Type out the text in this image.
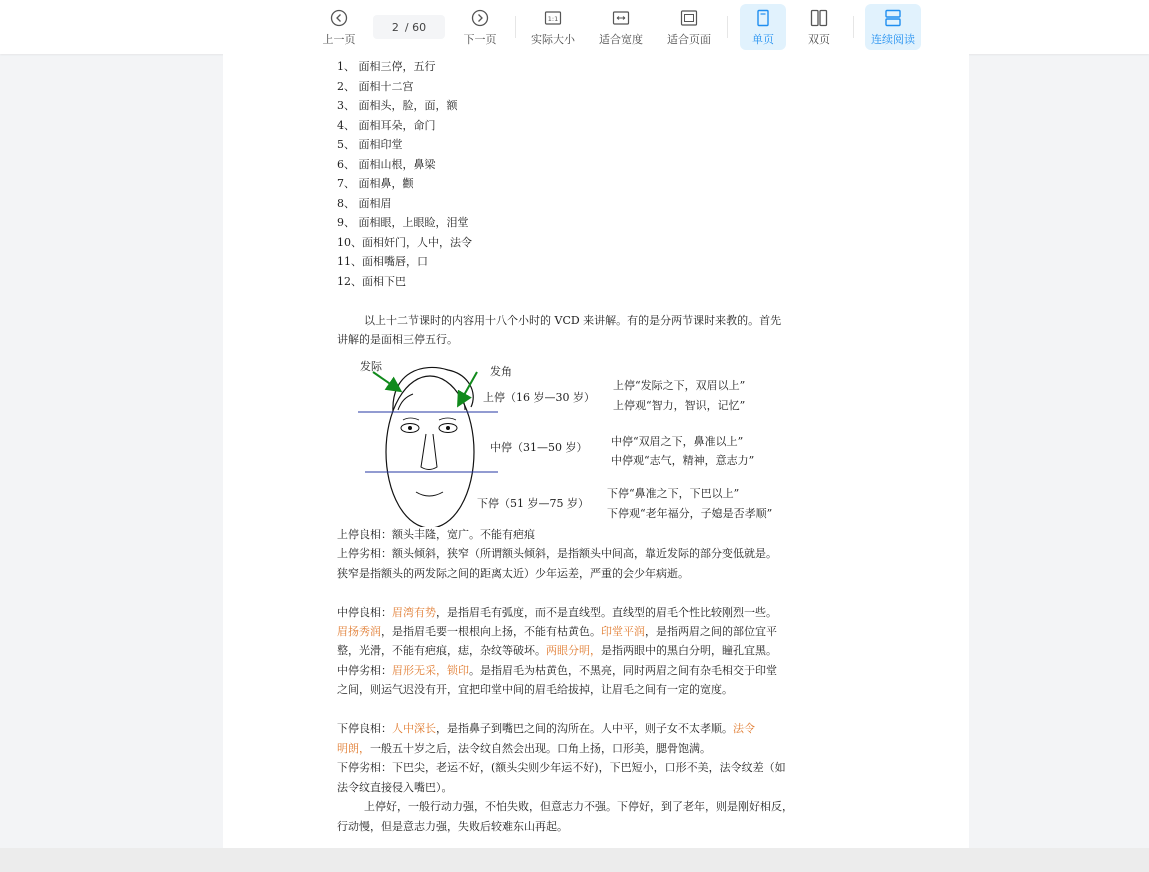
上一页
2 / 60
下一页
1:1
实际大小 适合宽度 适合页面	单页	双页	连续阅读
1、 面相三停，五行
2、 面相十二宫
3、 面相头，脸，面，额
4、 面相耳朵，命门
5、 面相印堂
6、 面相山根，鼻梁
7、 面相鼻，颧
8、 面相眉
9、 面相眼，上眼睑，泪堂
10、面相奸门，人中，法令
11、面相嘴唇，口
12、面相下巴
以上十二节课时的内容用十八个小时的 VCD 来讲解。有的是分两节课时来教的。首先
讲解的是面相三停五行。
发际	发角
上停（16 岁—30 岁）
中停（31—50 岁）
下停（51 岁—75 岁）
上停“发际之下，双眉以上”
上停观“智力，智识，记忆”
中停“双眉之下，鼻准以上”
中停观“志气，精神，意志力”
下停“鼻准之下，下巴以上”
下停观“老年福分，子媳是否孝顺”
上停良相：额头丰隆，宽广。不能有疤痕
上停劣相：额头倾斜，狭窄（所谓额头倾斜，是指额头中间高，靠近发际的部分变低就是。
狭窄是指额头的两发际之间的距离太近）少年运差，严重的会少年病逝。
中停良相：眉湾有势，是指眉毛有弧度，而不是直线型。直线型的眉毛个性比较刚烈一些。
眉扬秀润，是指眉毛要一根根向上扬，不能有枯黄色。印堂平润，是指两眉之间的部位宜平
整，光滑，不能有疤痕，痣，杂纹等破坏。两眼分明，是指两眼中的黑白分明，瞳孔宜黑。
中停劣相：眉形无采，锁印。是指眉毛为枯黄色，不黑亮，同时两眉之间有杂毛相交于印堂
之间，则运气迟没有开，宜把印堂中间的眉毛给拔掉，让眉毛之间有一定的宽度。
下停良相：人中深长，是指鼻子到嘴巴之间的沟所在。人中平，则子女不太孝顺。法令
明朗，一般五十岁之后，法令纹自然会出现。口角上扬，口形美，腮骨饱满。
下停劣相：下巴尖，老运不好，(额头尖则少年运不好)，下巴短小，口形不美，法令纹差（如
法令纹直接侵入嘴巴）。
上停好，一般行动力强，不怕失败，但意志力不强。下停好，到了老年，则是刚好相反，
行动慢，但是意志力强，失败后较难东山再起。
